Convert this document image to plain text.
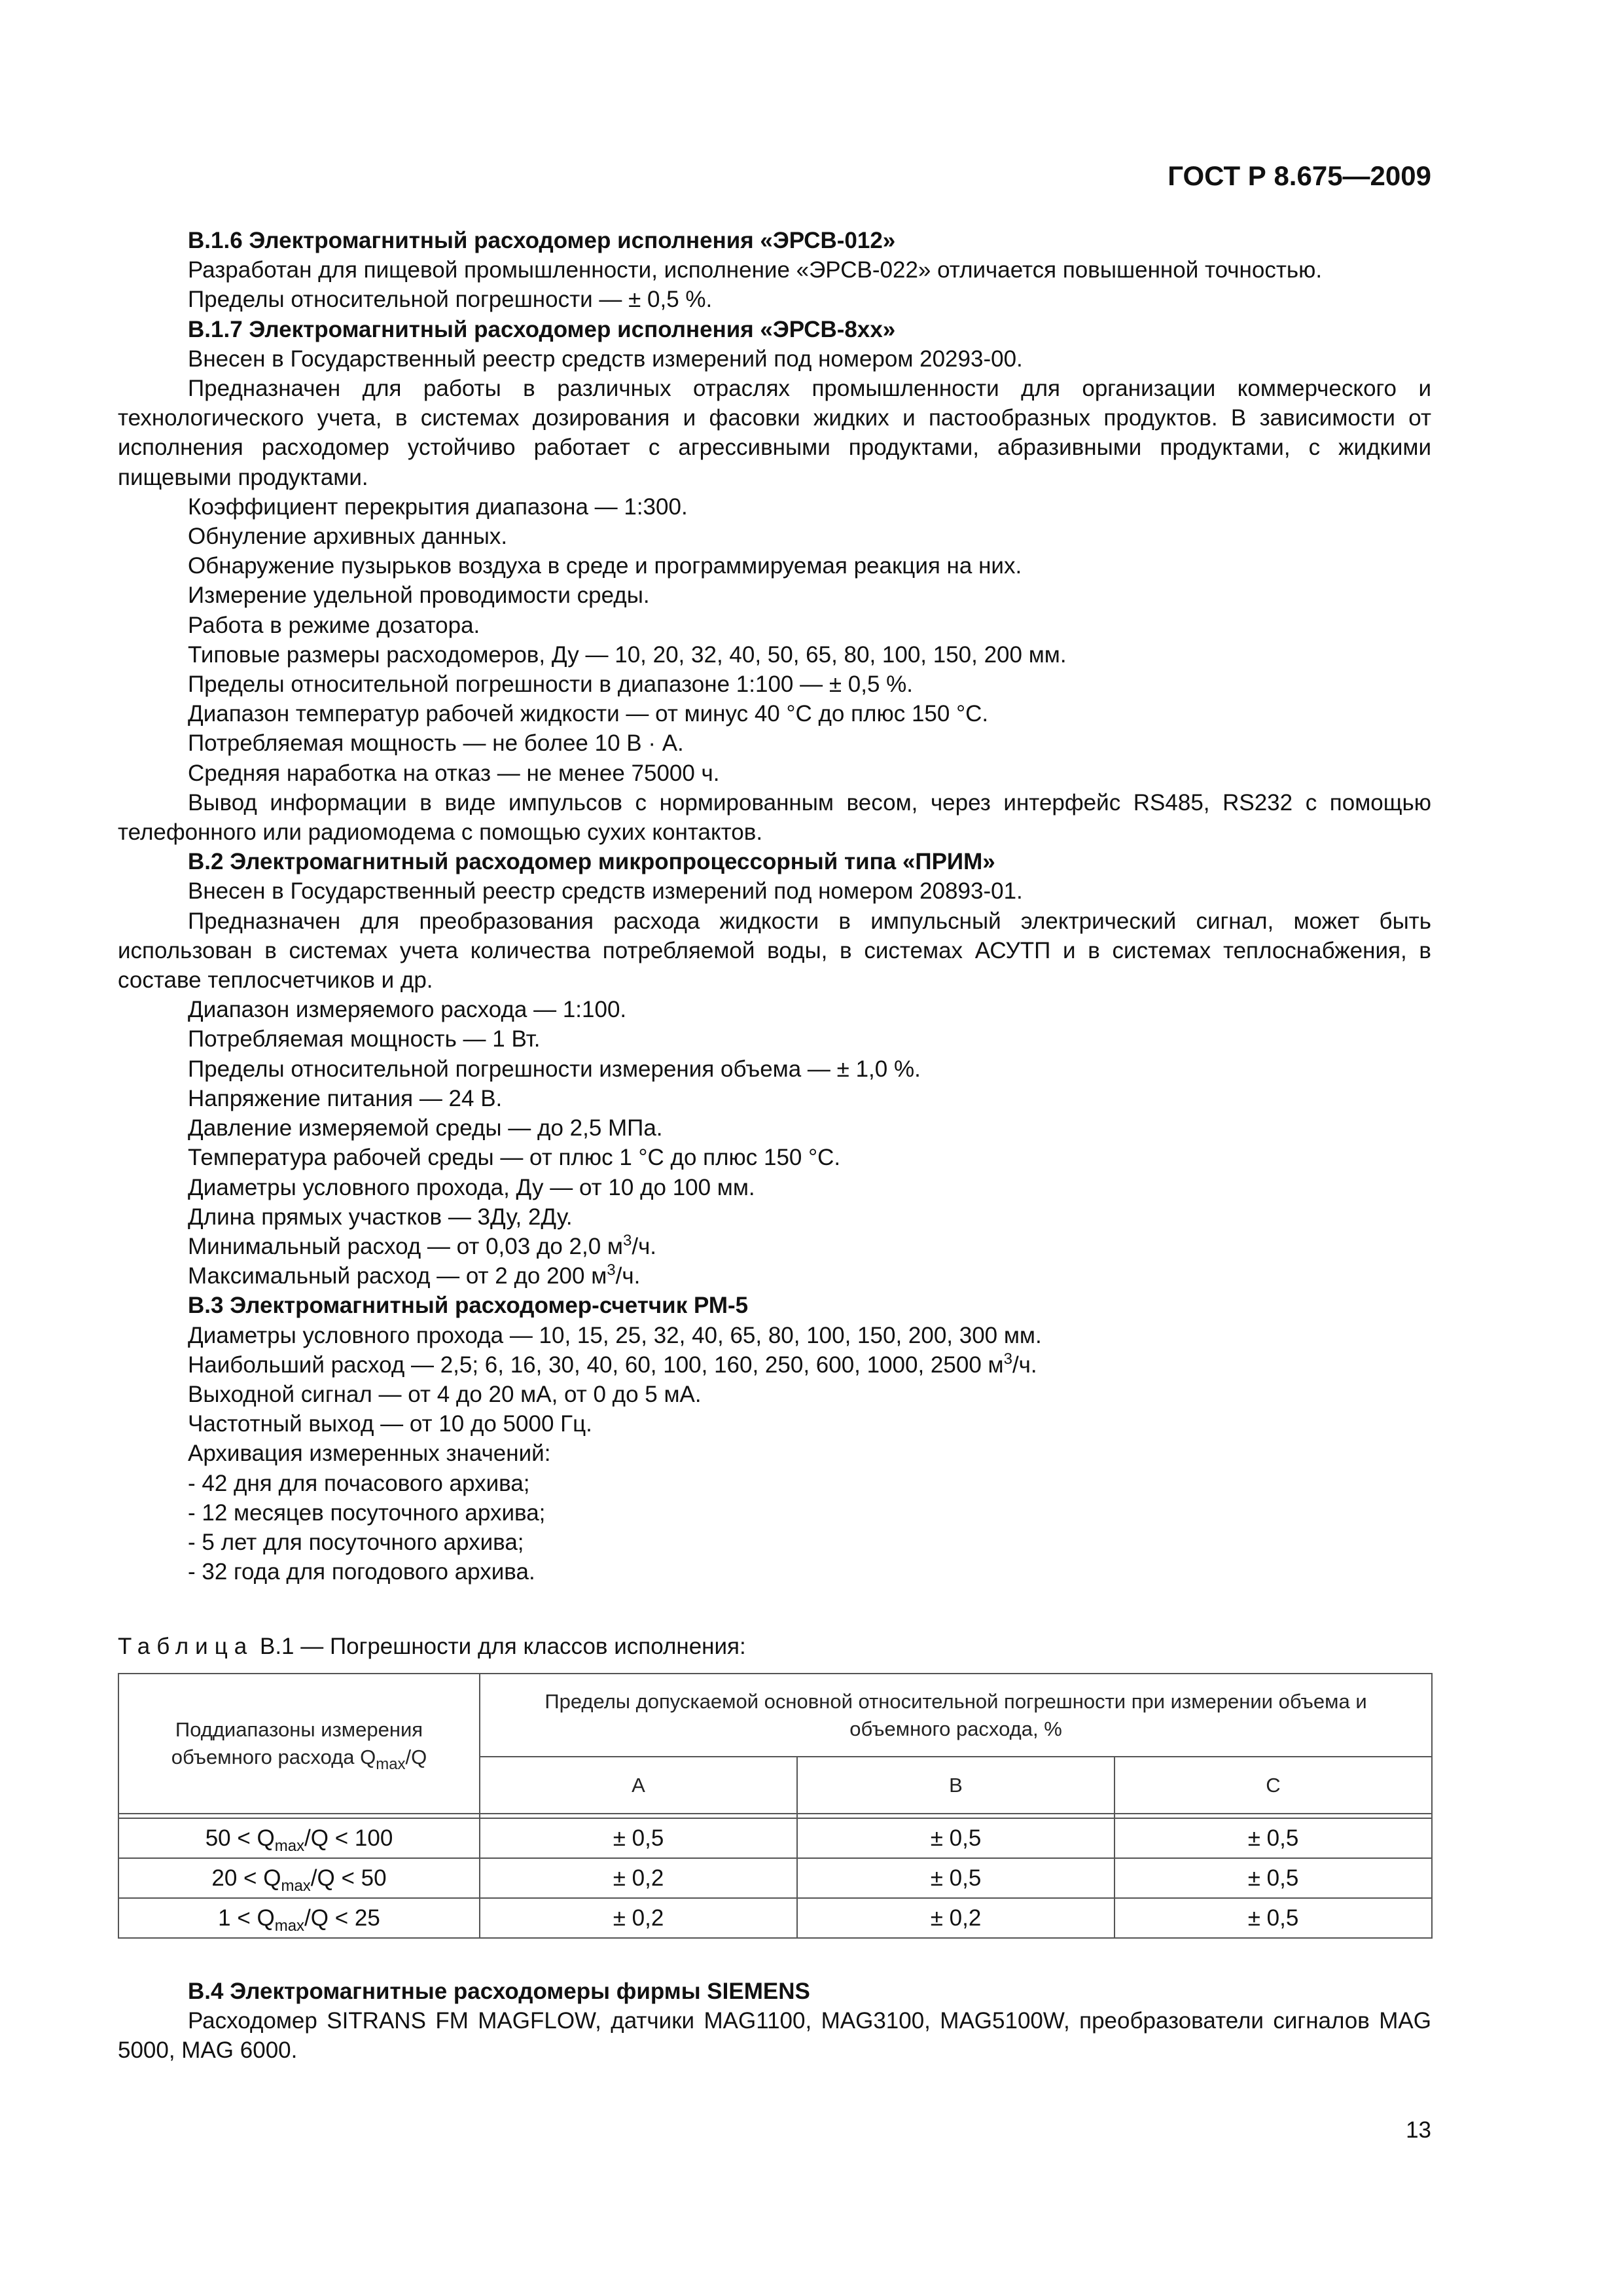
ГОСТ Р 8.675—2009

В.1.6 Электромагнитный расходомер исполнения «ЭРСВ-012»

Разработан для пищевой промышленности, исполнение «ЭРСВ-022» отличается повышенной точностью.

Пределы относительной погрешности — ± 0,5 %.

В.1.7 Электромагнитный расходомер исполнения «ЭРСВ-8хх»

Внесен в Государственный реестр средств измерений под номером 20293-00.

Предназначен для работы в различных отраслях промышленности для организации коммерческого и технологического учета, в системах дозирования и фасовки жидких и пастообразных продуктов. В зависимости от исполнения расходомер устойчиво работает с агрессивными продуктами, абразивными продуктами, с жидкими пищевыми продуктами.

Коэффициент перекрытия диапазона — 1:300.

Обнуление архивных данных.

Обнаружение пузырьков воздуха в среде и программируемая реакция на них.

Измерение удельной проводимости среды.

Работа в режиме дозатора.

Типовые размеры расходомеров, Ду — 10, 20, 32, 40, 50, 65, 80, 100, 150, 200 мм.

Пределы относительной погрешности в диапазоне 1:100 — ± 0,5 %.

Диапазон температур рабочей жидкости — от минус 40 °С до плюс 150 °С.

Потребляемая мощность — не более 10 В · А.

Средняя наработка на отказ — не менее 75000 ч.

Вывод информации в виде импульсов с нормированным весом, через интерфейс RS485, RS232 с помощью телефонного или радиомодема с помощью сухих контактов.

В.2 Электромагнитный расходомер микропроцессорный типа «ПРИМ»

Внесен в Государственный реестр средств измерений под номером 20893-01.

Предназначен для преобразования расхода жидкости в импульсный электрический сигнал, может быть использован в системах учета количества потребляемой воды, в системах АСУТП и в системах теплоснабжения, в составе теплосчетчиков и др.

Диапазон измеряемого расхода — 1:100.

Потребляемая мощность — 1 Вт.

Пределы относительной погрешности измерения объема — ± 1,0 %.

Напряжение питания — 24 В.

Давление измеряемой среды — до 2,5 МПа.

Температура рабочей среды — от плюс 1 °С до плюс 150 °С.

Диаметры условного прохода, Ду — от 10 до 100 мм.

Длина прямых участков — 3Ду, 2Ду.

Минимальный расход — от 0,03 до 2,0 $м^3/ч$.

Максимальный расход — от 2 до 200 $м^3/ч$.

В.3 Электромагнитный расходомер-счетчик РМ-5

Диаметры условного прохода — 10, 15, 25, 32, 40, 65, 80, 100, 150, 200, 300 мм.

Наибольший расход — 2,5; 6, 16, 30, 40, 60, 100, 160, 250, 600, 1000, 2500 $м^3/ч$.

Выходной сигнал — от 4 до 20 мА, от 0 до 5 мА.

Частотный выход — от 10 до 5000 Гц.

Архивация измеренных значений:

- 42 дня для почасового архива;

- 12 месяцев посуточного архива;

- 5 лет для посуточного архива;

- 32 года для погодового архива.

Таблица В.1 — Погрешности для классов исполнения:
Поддиапазоны измерения
объемного расхода $Q_{max}/Q$	Пределы допускаемой основной относительной погрешности при измерении объема и объемного расхода, %		
	А	В	С

$50 < Q_{max}/Q < 100$	± 0,5	± 0,5	± 0,5
$20 < Q_{max}/Q < 50$	± 0,2	± 0,5	± 0,5
$1 < Q_{max}/Q < 25$	± 0,2	± 0,2	± 0,5

В.4 Электромагнитные расходомеры фирмы SIEMENS

Расходомер SITRANS FM MAGFLOW, датчики MAG1100, MAG3100, MAG5100W, преобразователи сигналов MAG 5000, MAG 6000.

13
